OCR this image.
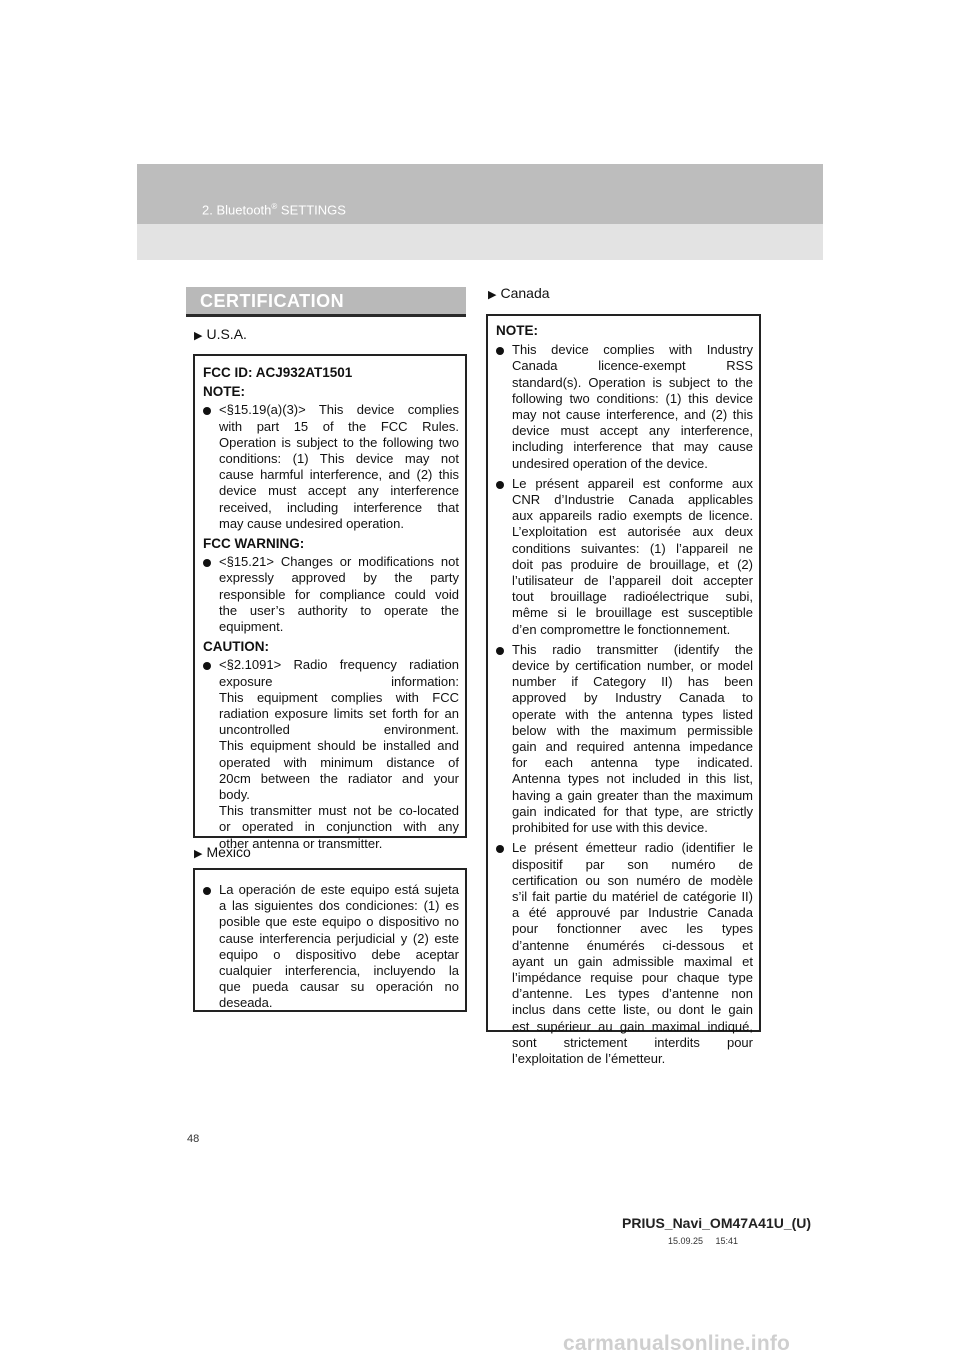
2. Bluetooth® SETTINGS
CERTIFICATION
▶ U.S.A.
FCC ID: ACJ932AT1501
NOTE:
<§15.19(a)(3)> This device complies
with part 15 of the FCC Rules.
Operation is subject to the following two
conditions: (1) This device may not
cause harmful interference, and (2) this
device must accept any interference
received, including interference that
may cause undesired operation.
FCC WARNING:
<§15.21> Changes or modifications not
expressly approved by the party
responsible for compliance could void
the user’s authority to operate the
equipment.
CAUTION:
<§2.1091> Radio frequency radiation
exposure information:
This equipment complies with FCC
radiation exposure limits set forth for an
uncontrolled environment.
This equipment should be installed and
operated with minimum distance of
20cm between the radiator and your
body.
This transmitter must not be co-located
or operated in conjunction with any
other antenna or transmitter.
▶ Mexico
La operación de este equipo está sujeta
a las siguientes dos condiciones: (1) es
posible que este equipo o dispositivo no
cause interferencia perjudicial y (2) este
equipo o dispositivo debe aceptar
cualquier interferencia, incluyendo la
que pueda causar su operación no
deseada.
▶ Canada
NOTE:
This device complies with Industry
Canada licence-exempt RSS
standard(s). Operation is subject to the
following two conditions: (1) this device
may not cause interference, and (2) this
device must accept any interference,
including interference that may cause
undesired operation of the device.
Le présent appareil est conforme aux
CNR d’Industrie Canada applicables
aux appareils radio exempts de licence.
L’exploitation est autorisée aux deux
conditions suivantes: (1) l’appareil ne
doit pas produire de brouillage, et (2)
l’utilisateur de l’appareil doit accepter
tout brouillage radioélectrique subi,
même si le brouillage est susceptible
d’en compromettre le fonctionnement.
This radio transmitter (identify the
device by certification number, or model
number if Category II) has been
approved by Industry Canada to
operate with the antenna types listed
below with the maximum permissible
gain and required antenna impedance
for each antenna type indicated.
Antenna types not included in this list,
having a gain greater than the maximum
gain indicated for that type, are strictly
prohibited for use with this device.
Le présent émetteur radio (identifier le
dispositif par son numéro de
certification ou son numéro de modèle
s’il fait partie du matériel de catégorie II)
a été approuvé par Industrie Canada
pour fonctionner avec les types
d’antenne énumérés ci-dessous et
ayant un gain admissible maximal et
l’impédance requise pour chaque type
d’antenne. Les types d’antenne non
inclus dans cette liste, ou dont le gain
est supérieur au gain maximal indiqué,
sont strictement interdits pour
l’exploitation de l’émetteur.
48
PRIUS_Navi_OM47A41U_(U)
15.09.25     15:41
carmanualsonline.info
